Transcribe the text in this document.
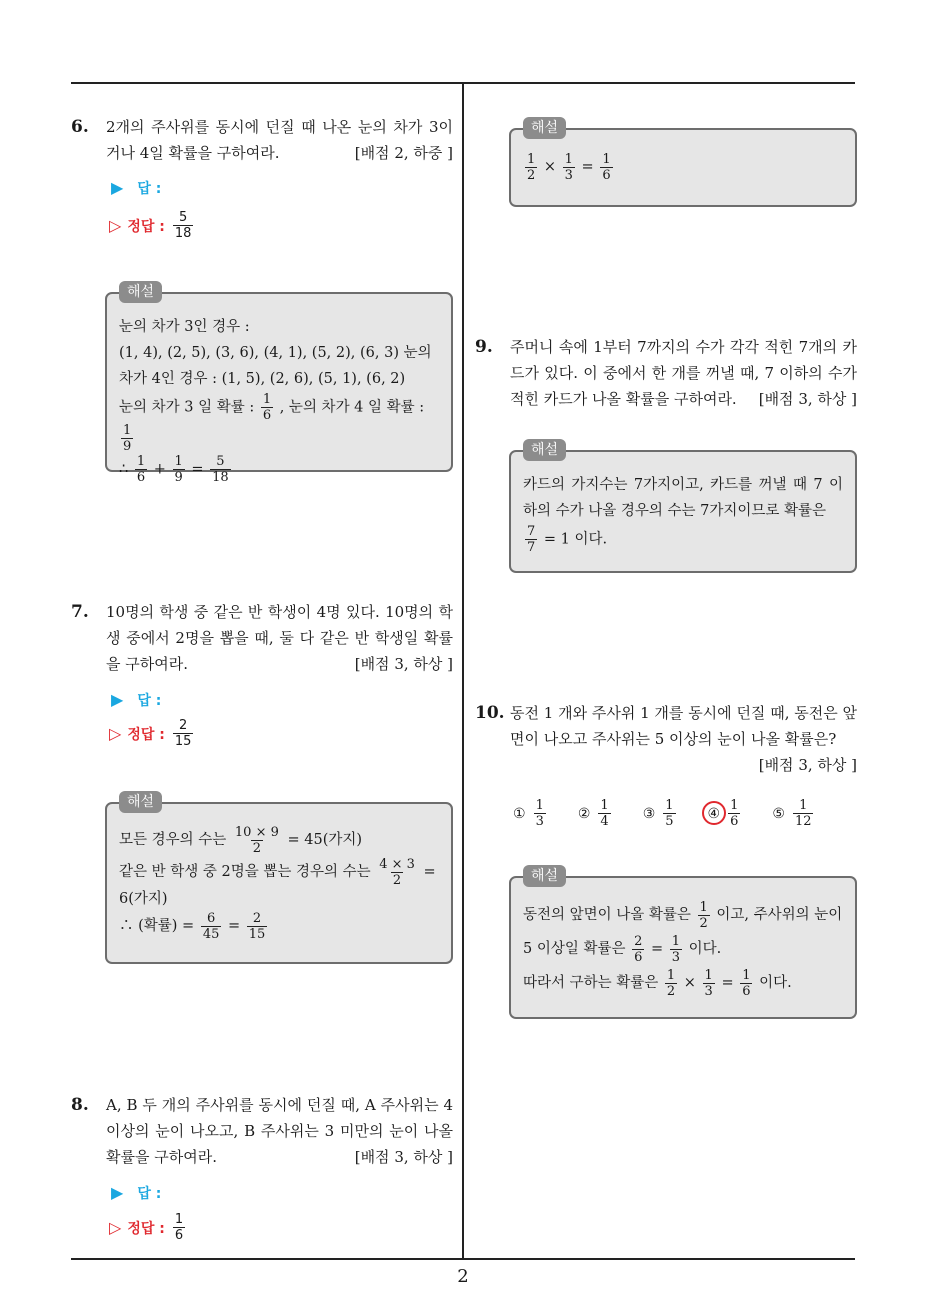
6. 2개의 주사위를 동시에 던질 때 나온 눈의 차가 3이거나 4일 확률을 구하여라.	[배점 2, 하중 ]
▶ 답 :
▷ 정답 : $\frac{5}{18}$
해설
눈의 차가 3인 경우 :
(1, 4), (2, 5), (3, 6), (4, 1), (5, 2), (6, 3) 눈의 차가 4인 경우 : (1, 5), (2, 6), (5, 1), (6, 2)
눈의 차가 3 일 확률 : $\frac{1}{6}$ , 눈의 차가 4 일 확률 :
$\frac{1}{9}$
∴ $\frac{1}{6} + \frac{1}{9} = \frac{5}{18}$
7. 10명의 학생 중 같은 반 학생이 4명 있다. 10명의 학생 중에서 2명을 뽑을 때, 둘 다 같은 반 학생일 확률을 구하여라.	[배점 3, 하상 ]
▶ 답 :
▷ 정답 : $\frac{2}{15}$
해설
모든 경우의 수는 $\frac{10 \times 9}{2} = 45$(가지)
같은 반 학생 중 2명을 뽑는 경우의 수는 $\frac{4 \times 3}{2}$ =
6(가지)
∴ (확률) = $\frac{6}{45} = \frac{2}{15}$
8. A, B 두 개의 주사위를 동시에 던질 때, A 주사위는 4 이상의 눈이 나오고, B 주사위는 3 미만의 눈이 나올 확률을 구하여라.	[배점 3, 하상 ]
▶ 답 :
▷ 정답 : $\frac{1}{6}$
해설
$\frac{1}{2} \times \frac{1}{3} = \frac{1}{6}$
9. 주머니 속에 1부터 7까지의 수가 각각 적힌 7개의 카드가 있다. 이 중에서 한 개를 꺼낼 때, 7 이하의 수가 적힌 카드가 나올 확률을 구하여라.	[배점 3, 하상 ]
해설
카드의 가지수는 7가지이고, 카드를 꺼낼 때 7 이하의 수가 나올 경우의 수는 7가지이므로 확률은
$\frac{7}{7} = 1$ 이다.
10. 동전 1 개와 주사위 1 개를 동시에 던질 때, 동전은 앞면이 나오고 주사위는 5 이상의 눈이 나올 확률은?
[배점 3, 하상 ]
① $\frac{1}{3}$ ② $\frac{1}{4}$ ③ $\frac{1}{5}$ ④ $\frac{1}{6}$ ⑤ $\frac{1}{12}$
해설
동전의 앞면이 나올 확률은 $\frac{1}{2}$ 이고, 주사위의 눈이
5 이상일 확률은 $\frac{2}{6} = \frac{1}{3}$ 이다.
따라서 구하는 확률은 $\frac{1}{2} \times \frac{1}{3} = \frac{1}{6}$ 이다.
2
